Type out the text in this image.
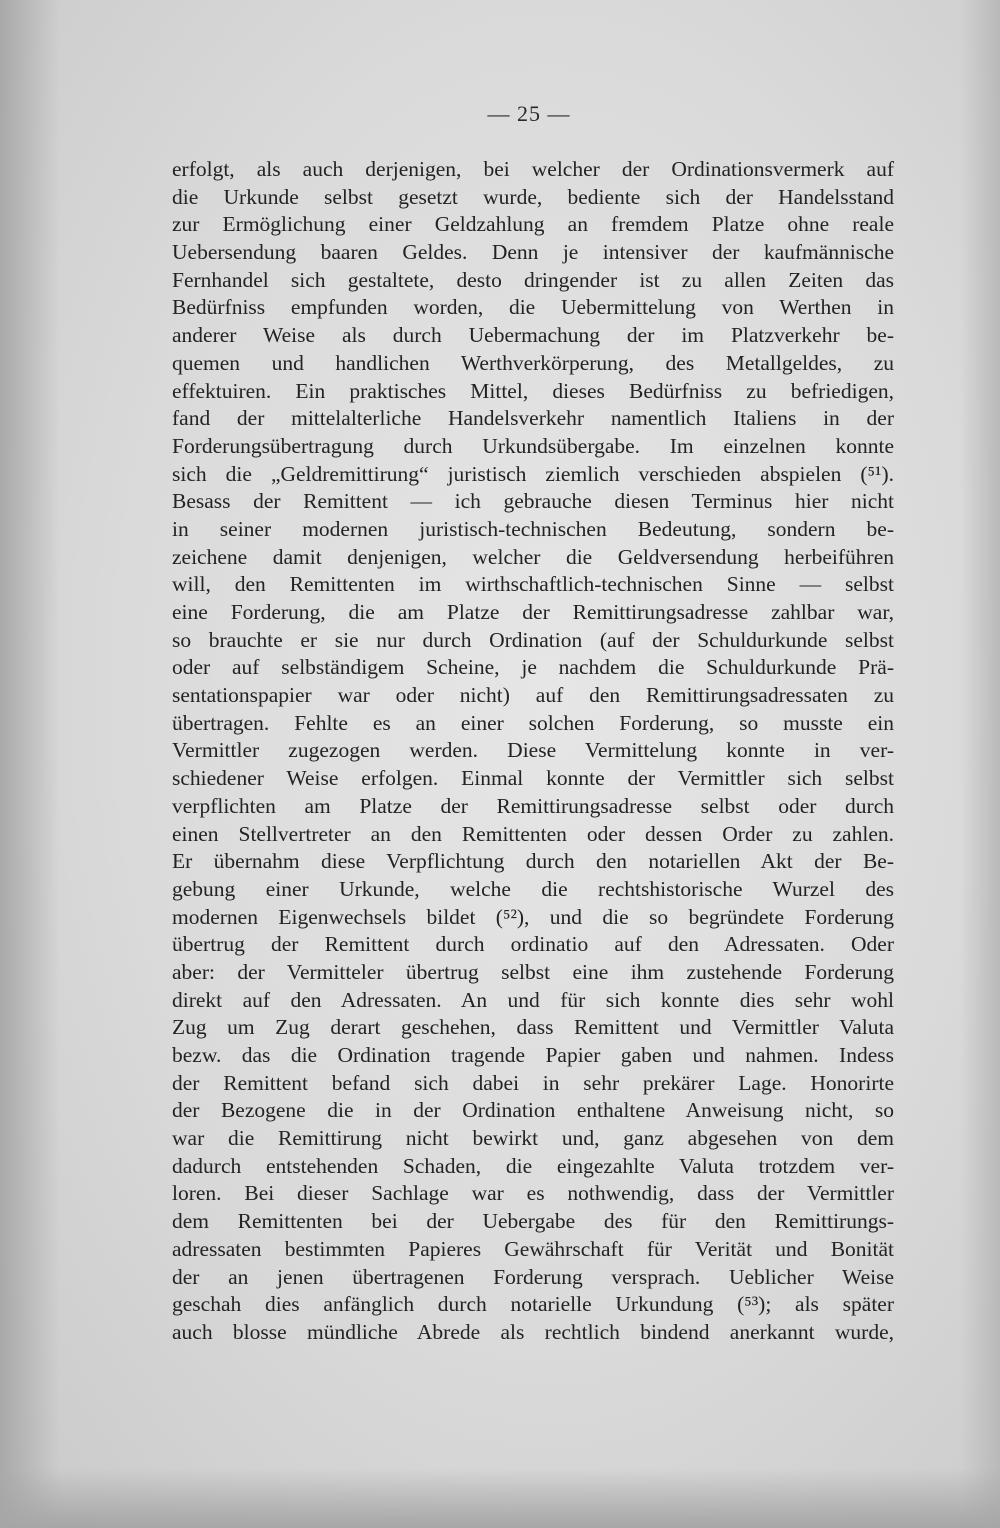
— 25 —
erfolgt, als auch derjenigen, bei welcher der Ordinationsvermerk auf
die Urkunde selbst gesetzt wurde, bediente sich der Handelsstand
zur Ermöglichung einer Geldzahlung an fremdem Platze ohne reale
Uebersendung baaren Geldes. Denn je intensiver der kaufmännische
Fernhandel sich gestaltete, desto dringender ist zu allen Zeiten das
Bedürfniss empfunden worden, die Uebermittelung von Werthen in
anderer Weise als durch Uebermachung der im Platzverkehr be-
quemen und handlichen Werthverkörperung, des Metallgeldes, zu
effektuiren. Ein praktisches Mittel, dieses Bedürfniss zu befriedigen,
fand der mittelalterliche Handelsverkehr namentlich Italiens in der
Forderungsübertragung durch Urkundsübergabe. Im einzelnen konnte
sich die „Geldremittirung“ juristisch ziemlich verschieden abspielen (⁵¹).
Besass der Remittent — ich gebrauche diesen Terminus hier nicht
in seiner modernen juristisch-technischen Bedeutung, sondern be-
zeichene damit denjenigen, welcher die Geldversendung herbeiführen
will, den Remittenten im wirthschaftlich-technischen Sinne — selbst
eine Forderung, die am Platze der Remittirungsadresse zahlbar war,
so brauchte er sie nur durch Ordination (auf der Schuldurkunde selbst
oder auf selbständigem Scheine, je nachdem die Schuldurkunde Prä-
sentationspapier war oder nicht) auf den Remittirungsadressaten zu
übertragen. Fehlte es an einer solchen Forderung, so musste ein
Vermittler zugezogen werden. Diese Vermittelung konnte in ver-
schiedener Weise erfolgen. Einmal konnte der Vermittler sich selbst
verpflichten am Platze der Remittirungsadresse selbst oder durch
einen Stellvertreter an den Remittenten oder dessen Order zu zahlen.
Er übernahm diese Verpflichtung durch den notariellen Akt der Be-
gebung einer Urkunde, welche die rechtshistorische Wurzel des
modernen Eigenwechsels bildet (⁵²), und die so begründete Forderung
übertrug der Remittent durch ordinatio auf den Adressaten. Oder
aber: der Vermitteler übertrug selbst eine ihm zustehende Forderung
direkt auf den Adressaten. An und für sich konnte dies sehr wohl
Zug um Zug derart geschehen, dass Remittent und Vermittler Valuta
bezw. das die Ordination tragende Papier gaben und nahmen. Indess
der Remittent befand sich dabei in sehr prekärer Lage. Honorirte
der Bezogene die in der Ordination enthaltene Anweisung nicht, so
war die Remittirung nicht bewirkt und, ganz abgesehen von dem
dadurch entstehenden Schaden, die eingezahlte Valuta trotzdem ver-
loren. Bei dieser Sachlage war es nothwendig, dass der Vermittler
dem Remittenten bei der Uebergabe des für den Remittirungs-
adressaten bestimmten Papieres Gewährschaft für Verität und Bonität
der an jenen übertragenen Forderung versprach. Ueblicher Weise
geschah dies anfänglich durch notarielle Urkundung (⁵³); als später
auch blosse mündliche Abrede als rechtlich bindend anerkannt wurde,
